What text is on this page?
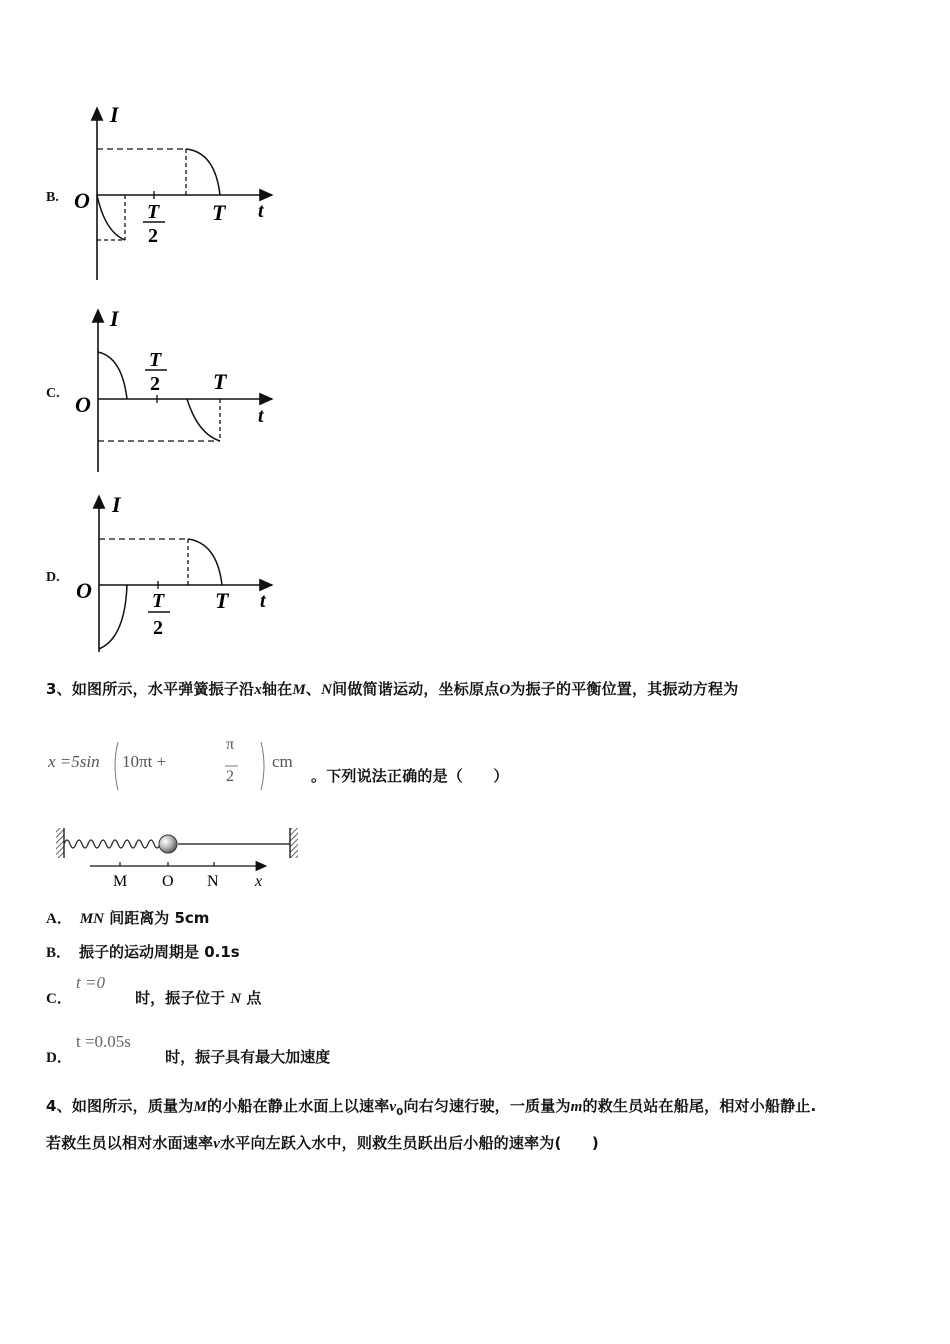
B.
I
t
O	T
2
T
C.
I
t
O
T
2 T
D.
I
t
O	T
2
T
3、如图所示，水平弹簧振子沿x轴在M、N间做简谐运动，坐标原点O为振子的平衡位置，其振动方程为
x =5sin 10πt +
π
2
cm
。下列说法正确的是（　　）
M O N x
A． MN 间距离为 5cm
B． 振子的运动周期是 0.1s
C．
t =0
时，振子位于 N 点
D．
t =0.05s
时，振子具有最大加速度
4、如图所示，质量为M的小船在静止水面上以速率$v_0$向右匀速行驶，一质量为m的救生员站在船尾，相对小船静止.
若救生员以相对水面速率v水平向左跃入水中，则救生员跃出后小船的速率为(　　)
